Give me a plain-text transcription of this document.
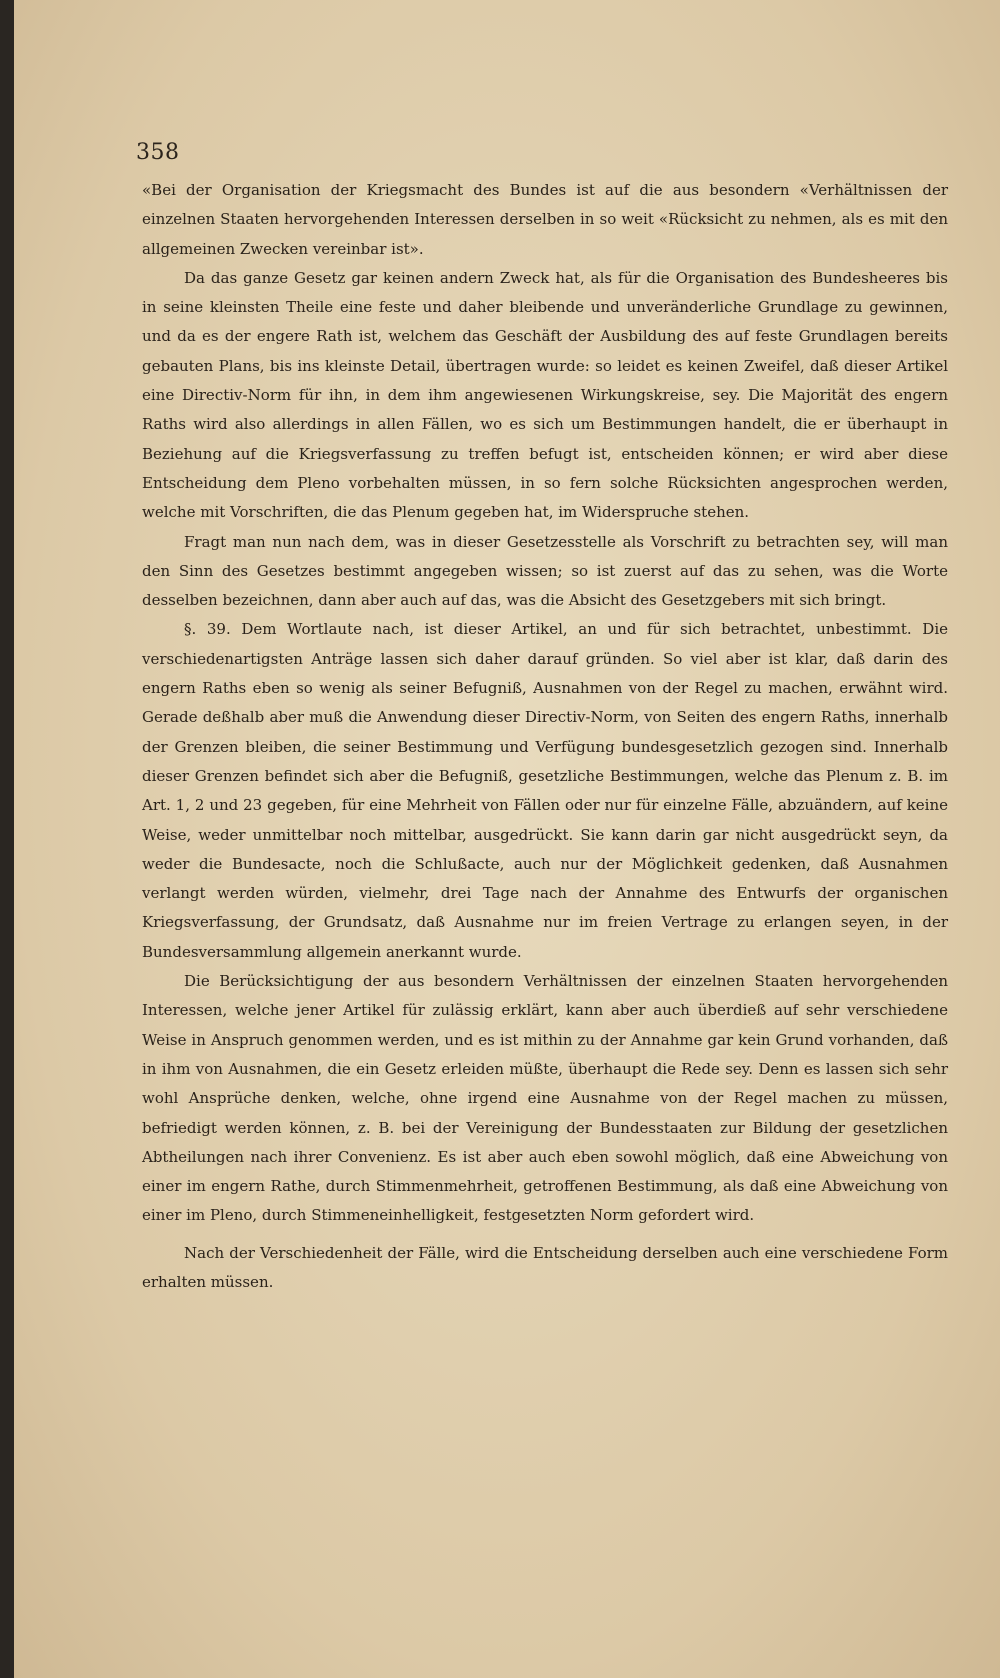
358

«Bei der Organisation der Kriegsmacht des Bundes ist auf die aus besondern «Verhältnissen der einzelnen Staaten hervorgehenden Interessen derselben in so weit «Rücksicht zu nehmen, als es mit den allgemeinen Zwecken vereinbar ist».

Da das ganze Gesetz gar keinen andern Zweck hat, als für die Organisation des Bundesheeres bis in seine kleinsten Theile eine feste und daher bleibende und unveränderliche Grundlage zu gewinnen, und da es der engere Rath ist, welchem das Geschäft der Ausbildung des auf feste Grundlagen bereits gebauten Plans, bis ins kleinste Detail, übertragen wurde: so leidet es keinen Zweifel, daß dieser Artikel eine Directiv-Norm für ihn, in dem ihm angewiesenen Wirkungskreise, sey. Die Majorität des engern Raths wird also allerdings in allen Fällen, wo es sich um Bestimmungen handelt, die er überhaupt in Beziehung auf die Kriegsverfassung zu treffen befugt ist, entscheiden können; er wird aber diese Entscheidung dem Pleno vorbehalten müssen, in so fern solche Rücksichten angesprochen werden, welche mit Vorschriften, die das Plenum gegeben hat, im Widerspruche stehen.

Fragt man nun nach dem, was in dieser Gesetzesstelle als Vorschrift zu betrachten sey, will man den Sinn des Gesetzes bestimmt angegeben wissen; so ist zuerst auf das zu sehen, was die Worte desselben bezeichnen, dann aber auch auf das, was die Absicht des Gesetzgebers mit sich bringt.

§. 39. Dem Wortlaute nach, ist dieser Artikel, an und für sich betrachtet, unbestimmt. Die verschiedenartigsten Anträge lassen sich daher darauf gründen. So viel aber ist klar, daß darin des engern Raths eben so wenig als seiner Befugniß, Ausnahmen von der Regel zu machen, erwähnt wird. Gerade deßhalb aber muß die Anwendung dieser Directiv-Norm, von Seiten des engern Raths, innerhalb der Grenzen bleiben, die seiner Bestimmung und Verfügung bundesgesetzlich gezogen sind. Innerhalb dieser Grenzen befindet sich aber die Befugniß, gesetzliche Bestimmungen, welche das Plenum z. B. im Art. 1, 2 und 23 gegeben, für eine Mehrheit von Fällen oder nur für einzelne Fälle, abzuändern, auf keine Weise, weder unmittelbar noch mittelbar, ausgedrückt. Sie kann darin gar nicht ausgedrückt seyn, da weder die Bundesacte, noch die Schlußacte, auch nur der Möglichkeit gedenken, daß Ausnahmen verlangt werden würden, vielmehr, drei Tage nach der Annahme des Entwurfs der organischen Kriegsverfassung, der Grundsatz, daß Ausnahme nur im freien Vertrage zu erlangen seyen, in der Bundesversammlung allgemein anerkannt wurde.

Die Berücksichtigung der aus besondern Verhältnissen der einzelnen Staaten hervorgehenden Interessen, welche jener Artikel für zulässig erklärt, kann aber auch überdieß auf sehr verschiedene Weise in Anspruch genommen werden, und es ist mithin zu der Annahme gar kein Grund vorhanden, daß in ihm von Ausnahmen, die ein Gesetz erleiden müßte, überhaupt die Rede sey. Denn es lassen sich sehr wohl Ansprüche denken, welche, ohne irgend eine Ausnahme von der Regel machen zu müssen, befriedigt werden können, z. B. bei der Vereinigung der Bundesstaaten zur Bildung der gesetzlichen Abtheilungen nach ihrer Convenienz. Es ist aber auch eben sowohl möglich, daß eine Abweichung von einer im engern Rathe, durch Stimmenmehrheit, getroffenen Bestimmung, als daß eine Abweichung von einer im Pleno, durch Stimmeneinhelligkeit, festgesetzten Norm gefordert wird.

Nach der Verschiedenheit der Fälle, wird die Entscheidung derselben auch eine verschiedene Form erhalten müssen.
